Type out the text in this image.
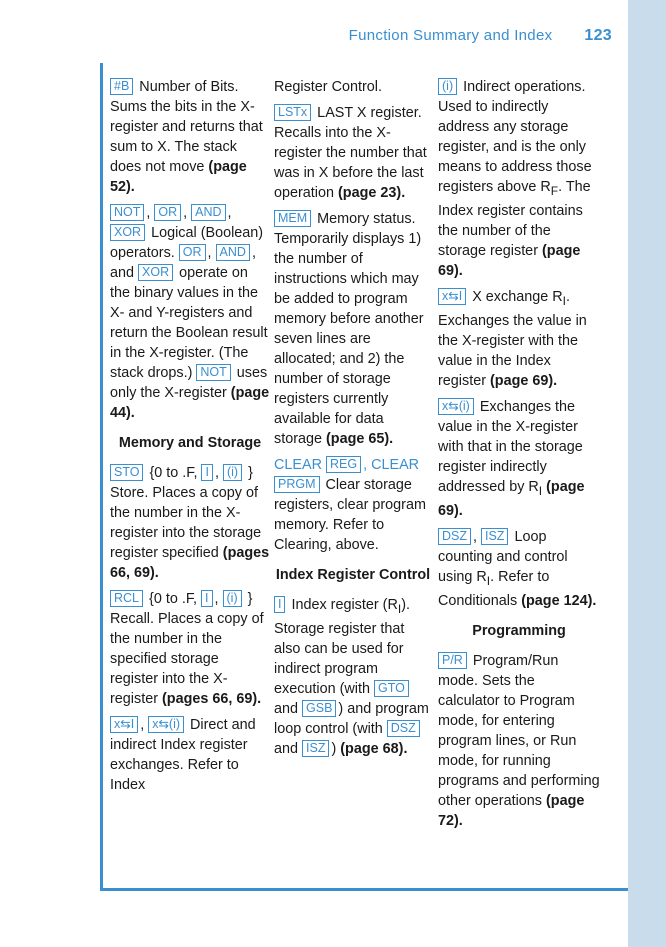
Function Summary and Index 123
#B Number of Bits. Sums the bits in the X-register and returns that sum to X. The stack does not move (page 52).
NOT , OR , AND , XOR Logical (Boolean) operators. OR , AND , and XOR operate on the binary values in the X- and Y-registers and return the Boolean result in the X-register. (The stack drops.) NOT uses only the X-register (page 44).
Memory and Storage
STO {0 to .F, I , (i) } Store. Places a copy of the number in the X-register into the storage register specified (pages 66, 69).
RCL {0 to .F, I , (i) } Recall. Places a copy of the number in the specified storage register into the X-register (pages 66, 69).
x⇆I , x⇆(i) Direct and indirect Index register exchanges. Refer to Index
Register Control.
LSTx LAST X register. Recalls into the X-register the number that was in X before the last operation (page 23).
MEM Memory status. Temporarily displays 1) the number of instructions which may be added to program memory before another seven lines are allocated; and 2) the number of storage registers currently available for data storage (page 65).
CLEAR REG , CLEAR PRGM Clear storage registers, clear program memory. Refer to Clearing, above.
Index Register Control
I Index register $(R_I)$. Storage register that also can be used for indirect program execution (with GTO and GSB ) and program loop control (with DSZ and ISZ ) (page 68).
(i) Indirect operations. Used to indirectly address any storage register, and is the only means to address those registers above $R_F$. The Index register contains the number of the storage register (page 69).
x⇆I X exchange $R_I$. Exchanges the value in the X-register with the value in the Index register (page 69).
x⇆(i) Exchanges the value in the X-register with that in the storage register indirectly addressed by $R_I$ (page 69).
DSZ , ISZ Loop counting and control using $R_I$. Refer to Conditionals (page 124).
Programming
P/R Program/Run mode. Sets the calculator to Program mode, for entering program lines, or Run mode, for running programs and performing other operations (page 72).
